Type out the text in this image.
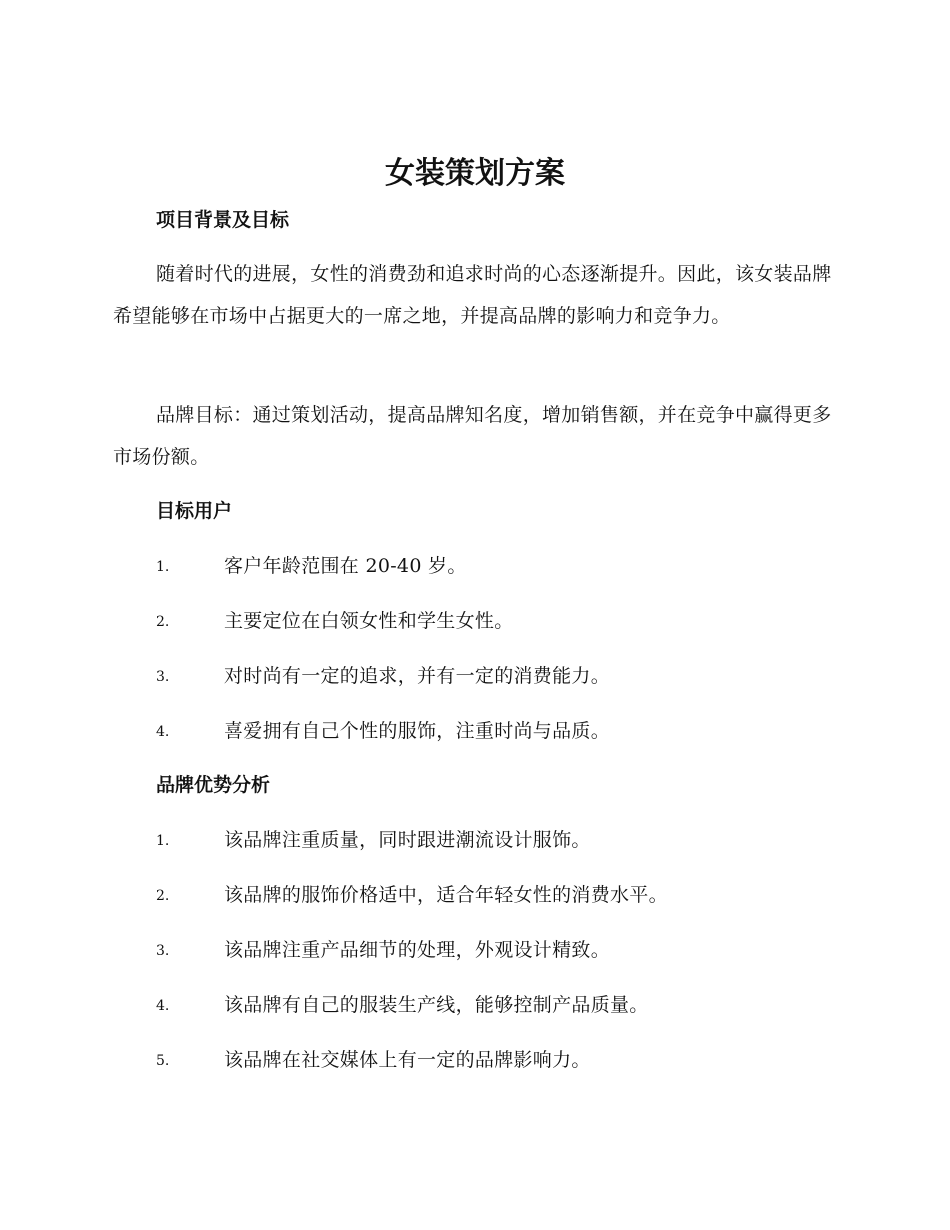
女装策划方案
项目背景及目标
随着时代的进展，女性的消费劲和追求时尚的心态逐渐提升。因此，该女装品牌希望能够在市场中占据更大的一席之地，并提高品牌的影响力和竞争力。
品牌目标：通过策划活动，提高品牌知名度，增加销售额，并在竞争中赢得更多市场份额。
目标用户
1.	客户年龄范围在 20-40 岁。
2.	主要定位在白领女性和学生女性。
3.	对时尚有一定的追求，并有一定的消费能力。
4.	喜爱拥有自己个性的服饰，注重时尚与品质。
品牌优势分析
1.	该品牌注重质量，同时跟进潮流设计服饰。
2.	该品牌的服饰价格适中，适合年轻女性的消费水平。
3.	该品牌注重产品细节的处理，外观设计精致。
4.	该品牌有自己的服装生产线，能够控制产品质量。
5.	该品牌在社交媒体上有一定的品牌影响力。
